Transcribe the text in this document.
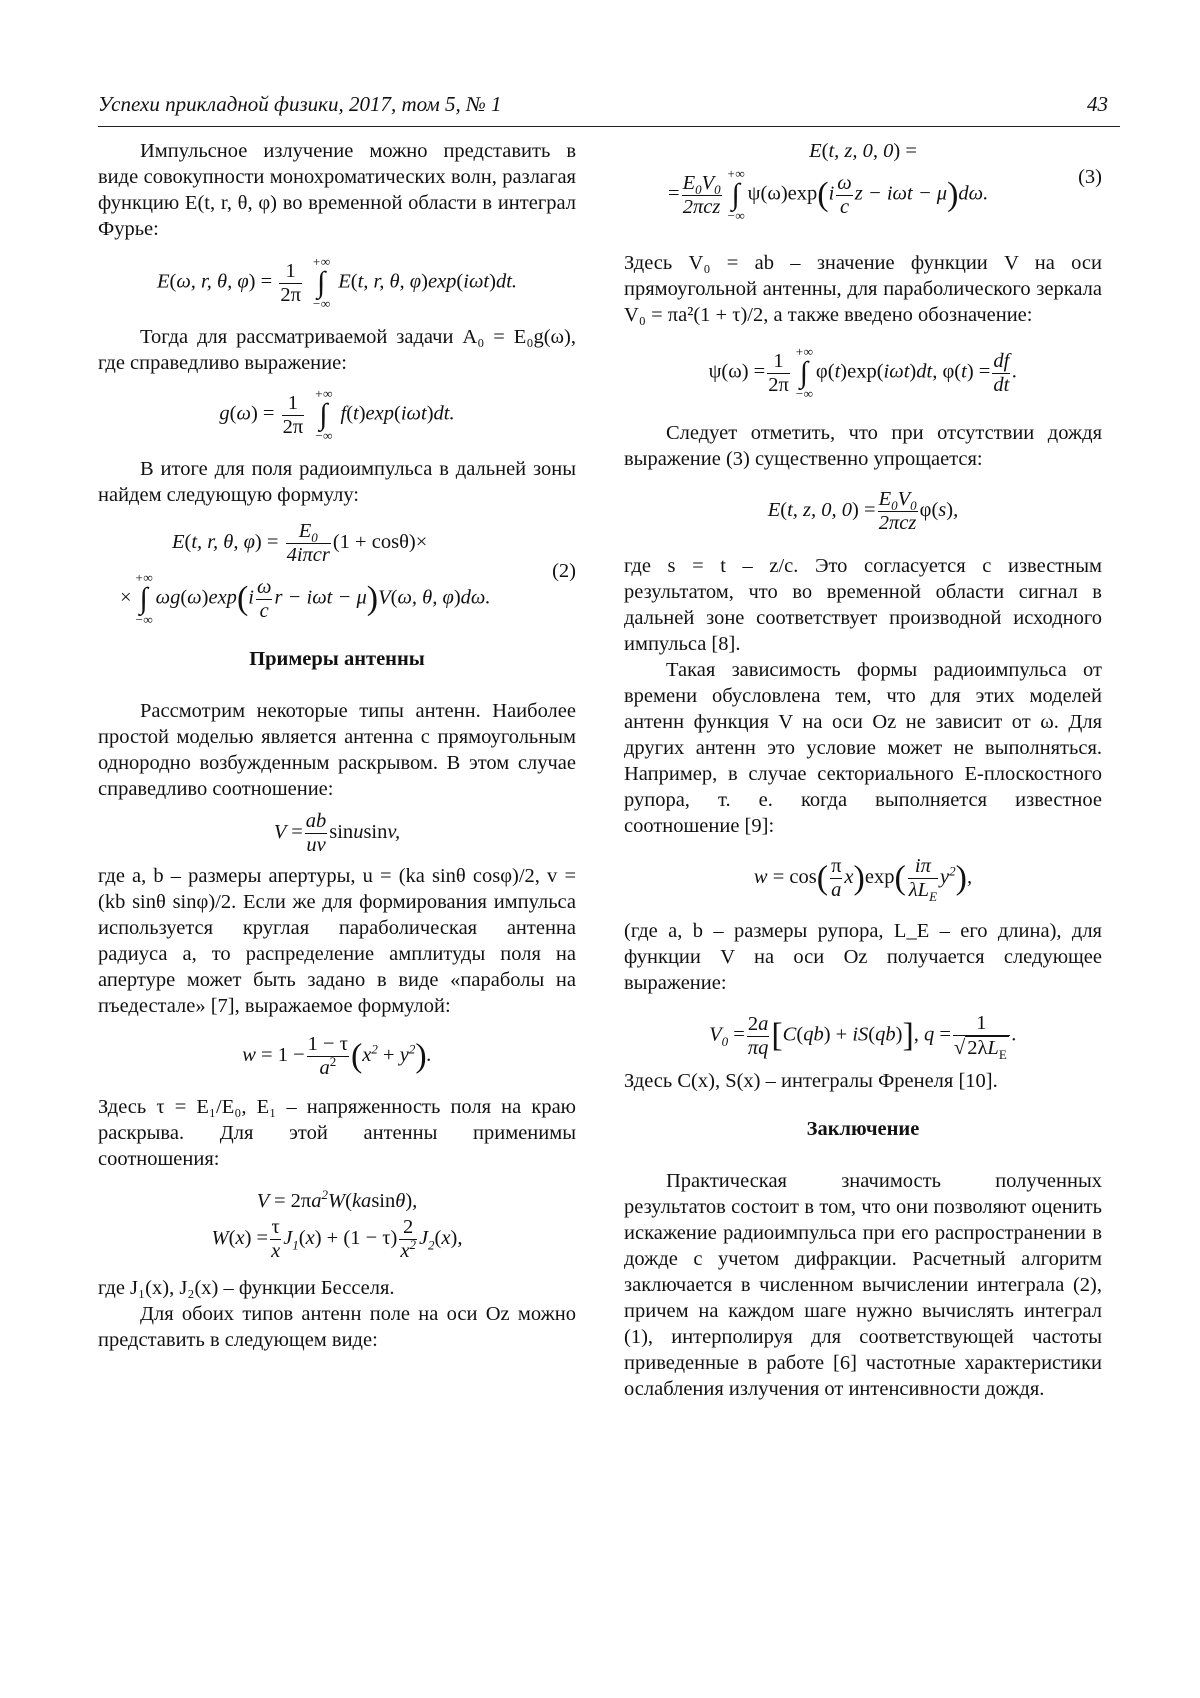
Успехи прикладной физики, 2017, том 5, № 1	43

Импульсное излучение можно представить в виде совокупности монохроматических волн, разлагая функцию E(t, r, θ, φ) во временной области в интеграл Фурье:

E(ω, r, θ, $\varphi) = \frac{1}{2\pi}$
+∞
∫
−∞
E(t, r, θ, φ)exp(iωt)dt.

Тогда для рассматриваемой задачи A₀ = E₀g(ω), где справедливо выражение:

$g(\omega) = \frac{1}{2\pi}$
+∞
∫
−∞
f(t)exp(iωt)dt.

В итоге для поля радиоимпульса в дальней зоны найдем следующую формулу:

E(t, r, θ, $\varphi) = \frac{E_0}{\text{4iπcr}} (1 + \cos\theta)\times$
×
+∞
∫
−∞
$\omega g(\omega)\exp(i \frac{\omega}{c}$ r − iωt − μ)V(ω, θ, φ)dω.
(2)
Примеры антенны

Рассмотрим некоторые типы антенн. Наиболее простой моделью является антенна с прямоугольным однородно возбужденным раскрывом. В этом случае справедливо соотношение:

$V = \frac{ab}{uv}$ sinusinv,

где a, b – размеры апертуры, u = (ka sinθ cosφ)/2, v = (kb sinθ sinφ)/2. Если же для формирования импульса используется круглая параболическая антенна радиуса a, то распределение амплитуды поля на апертуре может быть задано в виде «параболы на пъедестале» [7], выражаемое формулой:

$w = 1 - \frac{1 - \tau}{a^2} (x^2 + y^2)$.

Здесь τ = E₁/E₀, E₁ – напряженность поля на краю раскрыва. Для этой антенны применимы соотношения:

$V = 2\pi a^2W(kasin\theta)$,
$W(x) = \frac{\tau}{x} J_1(x) + (1 - \tau) \frac{2}{x^2} J_2(x)$,

где J₁(x), J₂(x) – функции Бесселя.

Для обоих типов антенн поле на оси Oz можно представить в следующем виде:

E(t, z, 0, 0) =
= $\frac{E_0V_0}{\text{2πcz}}$ +∞
∫
−∞
$\psi(\omega)\exp(i \frac{\omega}{c}$ z − iωt − μ)dω.
(3)

Здесь V₀ = ab – значение функции V на оси прямоугольной антенны, для параболического зеркала V₀ = πa²(1 + τ)/2, а также введено обозначение:

$\psi(\omega) = \frac{1}{2\pi}$ +∞
∫
−∞
φ(t)exp(iωt)dt, $\varphi(t) = \frac{df}{dt}$ .

Следует отметить, что при отсутствии дождя выражение (3) существенно упрощается:

E(t, z, 0, $0) = \frac{E_0V_0}{\text{2πcz}} \varphi(s)$,

где s = t – z/c. Это согласуется с известным результатом, что во временной области сигнал в дальней зоне соответствует производной исходного импульса [8].

Такая зависимость формы радиоимпульса от времени обусловлена тем, что для этих моделей антенн функция V на оси Oz не зависит от ω. Для других антенн это условие может не выполняться. Например, в случае секториального E-плоскостного рупора, т. е. когда выполняется известное соотношение [9]:

$w = \cos( \frac{\pi}{a} x)\exp( \frac{i\pi}{\lambda L_E} y^2)$,

(где a, b – размеры рупора, L_E – его длина), для функции V на оси Oz получается следующее выражение:

$V_0 = \frac{2a}{\pi q} [C(qb) + iS(qb)]$, $q = \frac{1}{√2\lambda L_E}$ .

Здесь C(x), S(x) – интегралы Френеля [10].

Заключение

Практическая значимость полученных результатов состоит в том, что они позволяют оценить искажение радиоимпульса при его распространении в дожде с учетом дифракции. Расчетный алгоритм заключается в численном вычислении интеграла (2), причем на каждом шаге нужно вычислять интеграл (1), интерполируя для соответствующей частоты приведенные в работе [6] частотные характеристики ослабления излучения от интенсивности дождя.
